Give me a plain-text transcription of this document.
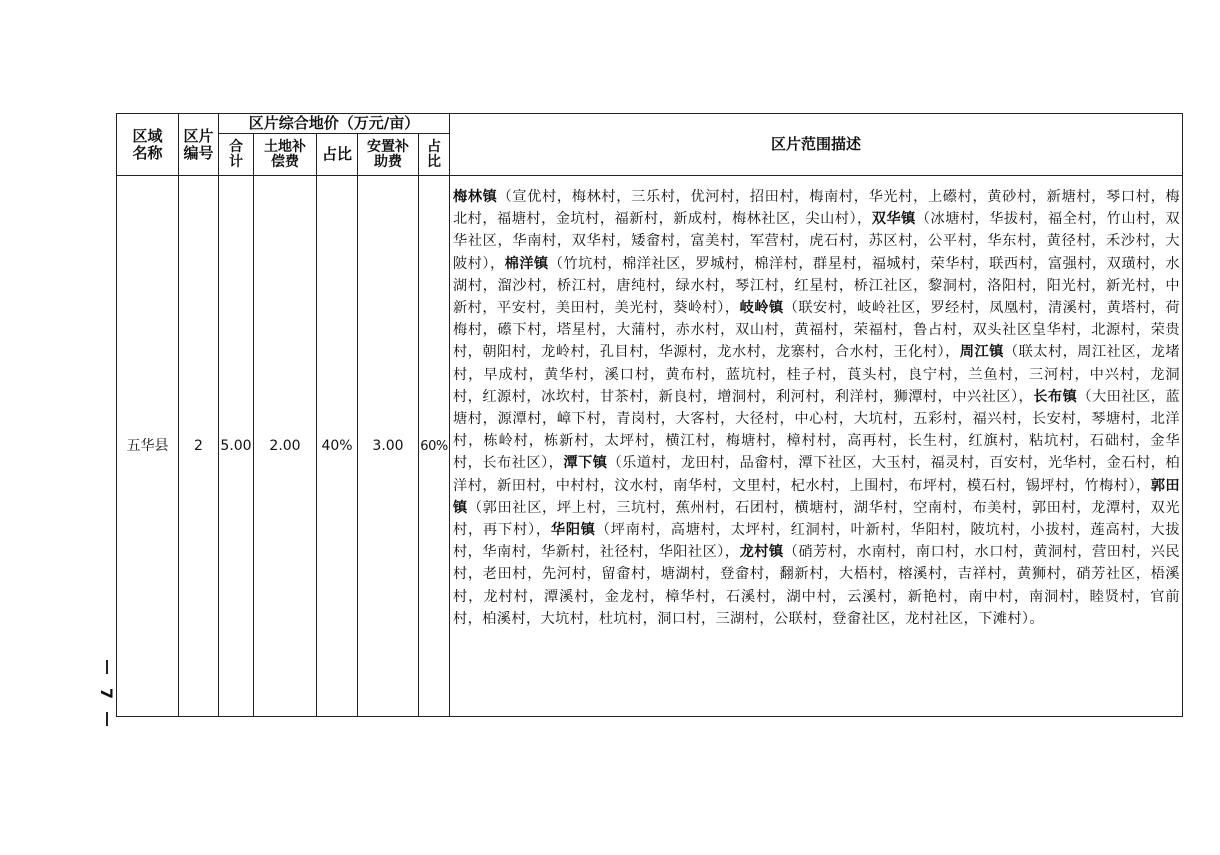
区域名称	区片编号	区片综合地价（万元/亩）					区片范围描述

		合计	土地补偿费	占比	安置补助费	占比	

五华县	2	5.00	2.00	40%	3.00	60%	梅林镇（宣优村，梅林村，三乐村，优河村，招田村，梅南村，华光村，上礤村，黄砂村，新塘村，琴口村，梅北村，福塘村，金坑村，福新村，新成村，梅林社区，尖山村），双华镇（冰塘村，华拔村，福全村，竹山村，双华社区，华南村，双华村，矮畲村，富美村，军营村，虎石村，苏区村，公平村，华东村，黄径村，禾沙村，大陂村），棉洋镇（竹坑村，棉洋社区，罗城村，棉洋村，群星村，福城村，荣华村，联西村，富强村，双璜村，水湖村，溜沙村，桥江村，唐纯村，绿水村，琴江村，红星村，桥江社区，黎洞村，洛阳村，阳光村，新光村，中新村，平安村，美田村，美光村，葵岭村），岐岭镇（联安村，岐岭社区，罗经村，凤凰村，清溪村，黄塔村，荷梅村，礤下村，塔星村，大蒲村，赤水村，双山村，黄福村，荣福村，鲁占村，双头社区皇华村，北源村，荣贵村，朝阳村，龙岭村，孔目村，华源村，龙水村，龙寨村，合水村，王化村），周江镇（联太村，周江社区，龙堵村，早成村，黄华村，溪口村，黄布村，蓝坑村，桂子村，莨头村，良宁村，兰鱼村，三河村，中兴村，龙洞村，红源村，冰坎村，甘茶村，新良村，增洞村，利河村，利洋村，狮潭村，中兴社区），长布镇（大田社区，蓝塘村，源潭村，嶂下村，青岗村，大客村，大径村，中心村，大坑村，五彩村，福兴村，长安村，琴塘村，北洋村，栋岭村，栋新村，太坪村，横江村，梅塘村，樟村村，高再村，长生村，红旗村，粘坑村，石础村，金华村，长布社区），潭下镇（乐道村，龙田村，品畲村，潭下社区，大玉村，福灵村，百安村，光华村，金石村，柏洋村，新田村，中村村，汶水村，南华村，文里村，杞水村，上围村，布坪村，模石村，锡坪村，竹梅村），郭田镇（郭田社区，坪上村，三坑村，蕉州村，石团村，横塘村，湖华村，空南村，布美村，郭田村，龙潭村，双光村，再下村），华阳镇（坪南村，高塘村，太坪村，红洞村，叶新村，华阳村，陂坑村，小拔村，莲高村，大拔村，华南村，华新村，社径村，华阳社区），龙村镇（硝芳村，水南村，南口村，水口村，黄洞村，营田村，兴民村，老田村，先河村，留畲村，塘湖村，登畲村，翻新村，大梧村，榕溪村，吉祥村，黄狮村，硝芳社区，梧溪村，龙村村，潭溪村，金龙村，樟华村，石溪村，湖中村，云溪村，新艳村，南中村，南洞村，睦贤村，官前村，柏溪村，大坑村，杜坑村，洞口村，三湖村，公联村，登畲社区，龙村社区，下滩村）。
7
